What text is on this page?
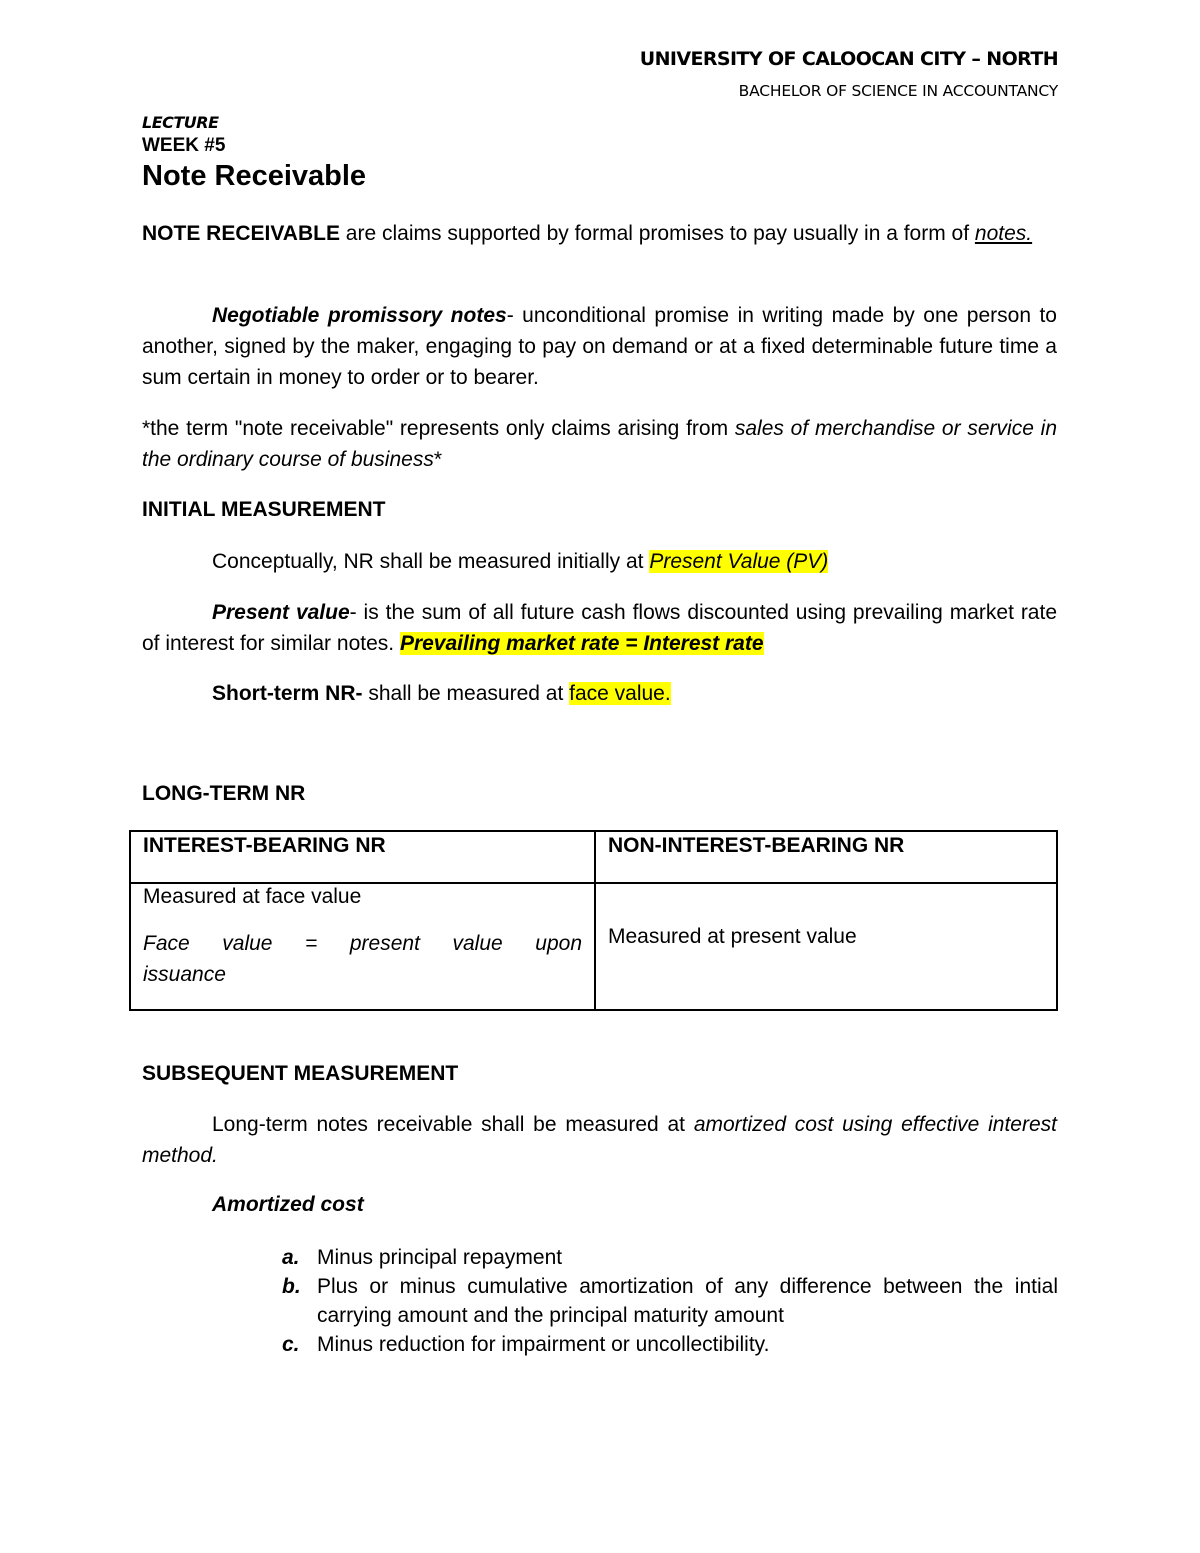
UNIVERSITY OF CALOOCAN CITY – NORTH
BACHELOR OF SCIENCE IN ACCOUNTANCY
LECTURE
WEEK #5
Note Receivable
NOTE RECEIVABLE are claims supported by formal promises to pay usually in a form of notes.
Negotiable promissory notes- unconditional promise in writing made by one person to another, signed by the maker, engaging to pay on demand or at a fixed determinable future time a sum certain in money to order or to bearer.
*the term "note receivable" represents only claims arising from sales of merchandise or service in the ordinary course of business*
INITIAL MEASUREMENT
Conceptually, NR shall be measured initially at Present Value (PV)
Present value- is the sum of all future cash flows discounted using prevailing market rate of interest for similar notes. Prevailing market rate = Interest rate
Short-term NR- shall be measured at face value.
LONG-TERM NR
INTEREST-BEARING NR	NON-INTEREST-BEARING NR

Measured at face value
Face value = present value upon issuance	Measured at present value
SUBSEQUENT MEASUREMENT
Long-term notes receivable shall be measured at amortized cost using effective interest method.
Amortized cost
a. Minus principal repayment
b. Plus or minus cumulative amortization of any difference between the intial carrying amount and the principal maturity amount
c. Minus reduction for impairment or uncollectibility.
